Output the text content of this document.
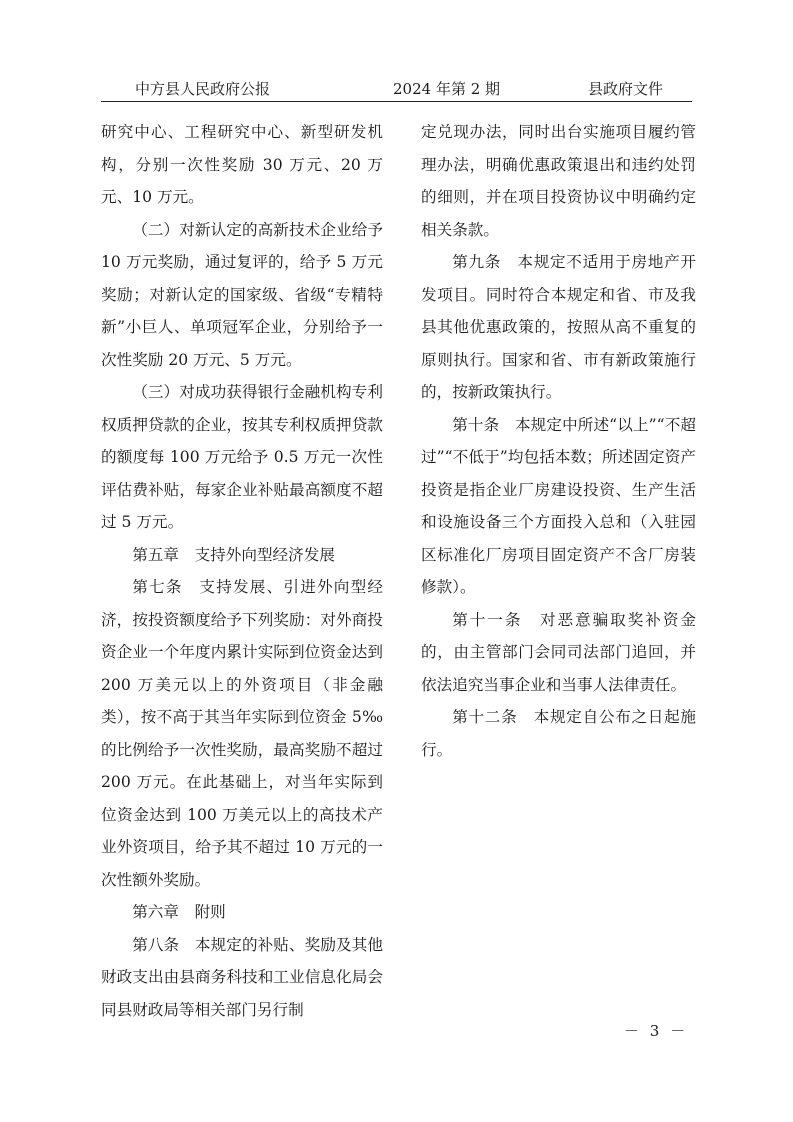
中方县人民政府公报	2024 年第 2 期	县政府文件

研究中心、工程研究中心、新型研发机构，分别一次性奖励 30 万元、20 万元、10 万元。

（二）对新认定的高新技术企业给予 10 万元奖励，通过复评的，给予 5 万元奖励；对新认定的国家级、省级“专精特新”小巨人、单项冠军企业，分别给予一次性奖励 20 万元、5 万元。

（三）对成功获得银行金融机构专利权质押贷款的企业，按其专利权质押贷款的额度每 100 万元给予 0.5 万元一次性评估费补贴，每家企业补贴最高额度不超过 5 万元。

第五章　支持外向型经济发展

第七条　支持发展、引进外向型经济，按投资额度给予下列奖励：对外商投资企业一个年度内累计实际到位资金达到 200 万美元以上的外资项目（非金融类），按不高于其当年实际到位资金 5‰的比例给予一次性奖励，最高奖励不超过 200 万元。在此基础上，对当年实际到位资金达到 100 万美元以上的高技术产业外资项目，给予其不超过 10 万元的一次性额外奖励。

第六章　附则

第八条　本规定的补贴、奖励及其他财政支出由县商务科技和工业信息化局会同县财政局等相关部门另行制

定兑现办法，同时出台实施项目履约管理办法，明确优惠政策退出和违约处罚的细则，并在项目投资协议中明确约定相关条款。

第九条　本规定不适用于房地产开发项目。同时符合本规定和省、市及我县其他优惠政策的，按照从高不重复的原则执行。国家和省、市有新政策施行的，按新政策执行。

第十条　本规定中所述“以上”“不超过”“不低于”均包括本数；所述固定资产投资是指企业厂房建设投资、生产生活和设施设备三个方面投入总和（入驻园区标准化厂房项目固定资产不含厂房装修款）。

第十一条　对恶意骗取奖补资金的，由主管部门会同司法部门追回，并依法追究当事企业和当事人法律责任。

第十二条　本规定自公布之日起施行。

－ 3 －
